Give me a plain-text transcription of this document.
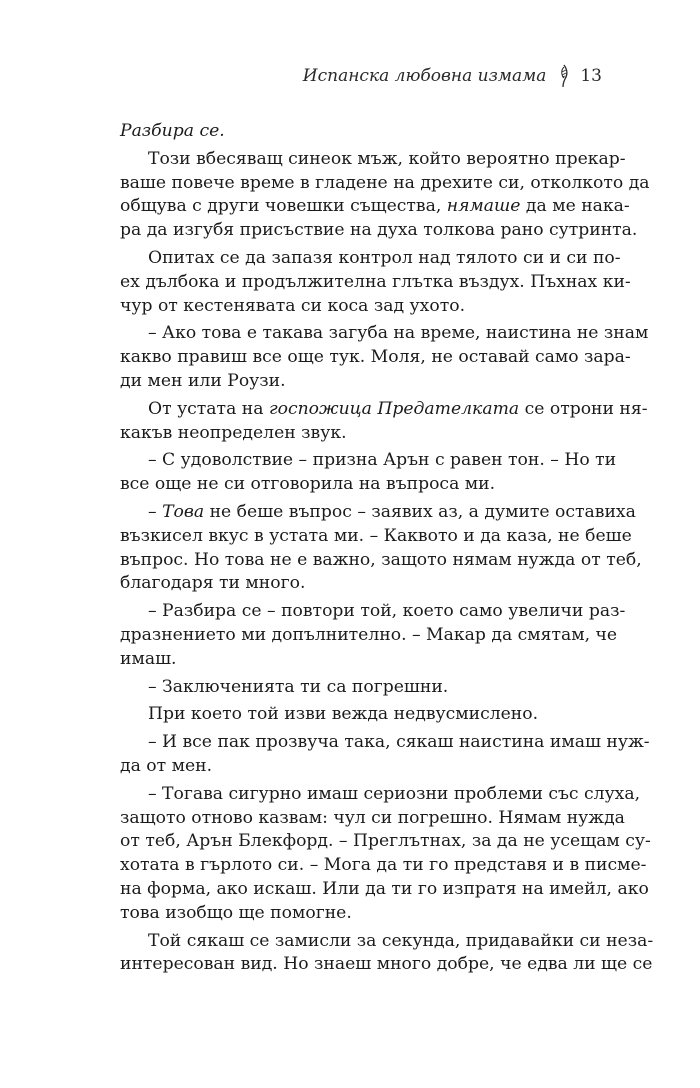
Испанска любовна измама 13
Разбира се.
Този вбесяващ синеок мъж, който вероятно прекар-
ваше повече време в гладене на дрехите си, отколкото да
общува с други човешки същества, нямаше да ме нака-
ра да изгубя присъствие на духа толкова рано сутринта.
Опитах се да запазя контрол над тялото си и си по-
ех дълбока и продължителна глътка въздух. Пъхнах ки-
чур от кестенявата си коса зад ухото.
– Ако това е такава загуба на време, наистина не знам
какво правиш все още тук. Моля, не оставай само зара-
ди мен или Роузи.
От устата на госпожица Предателката се отрони ня-
какъв неопределен звук.
– С удоволствие – призна Арън с равен тон. – Но ти
все още не си отговорила на въпроса ми.
– Това не беше въпрос – заявих аз, а думите оставиха
възкисел вкус в устата ми. – Каквото и да каза, не беше
въпрос. Но това не е важно, защото нямам нужда от теб,
благодаря ти много.
– Разбира се – повтори той, което само увеличи раз-
дразнението ми допълнително. – Макар да смятам, че
имаш.
– Заключенията ти са погрешни.
При което той изви вежда недвусмислено.
– И все пак прозвуча така, сякаш наистина имаш нуж-
да от мен.
– Тогава сигурно имаш сериозни проблеми със слуха,
защото отново казвам: чул си погрешно. Нямам нужда
от теб, Арън Блекфорд. – Преглътнах, за да не усещам су-
хотата в гърлото си. – Мога да ти го представя и в писме-
на форма, ако искаш. Или да ти го изпратя на имейл, ако
това изобщо ще помогне.
Той сякаш се замисли за секунда, придавайки си неза-
интересован вид. Но знаеш много добре, че едва ли ще се
